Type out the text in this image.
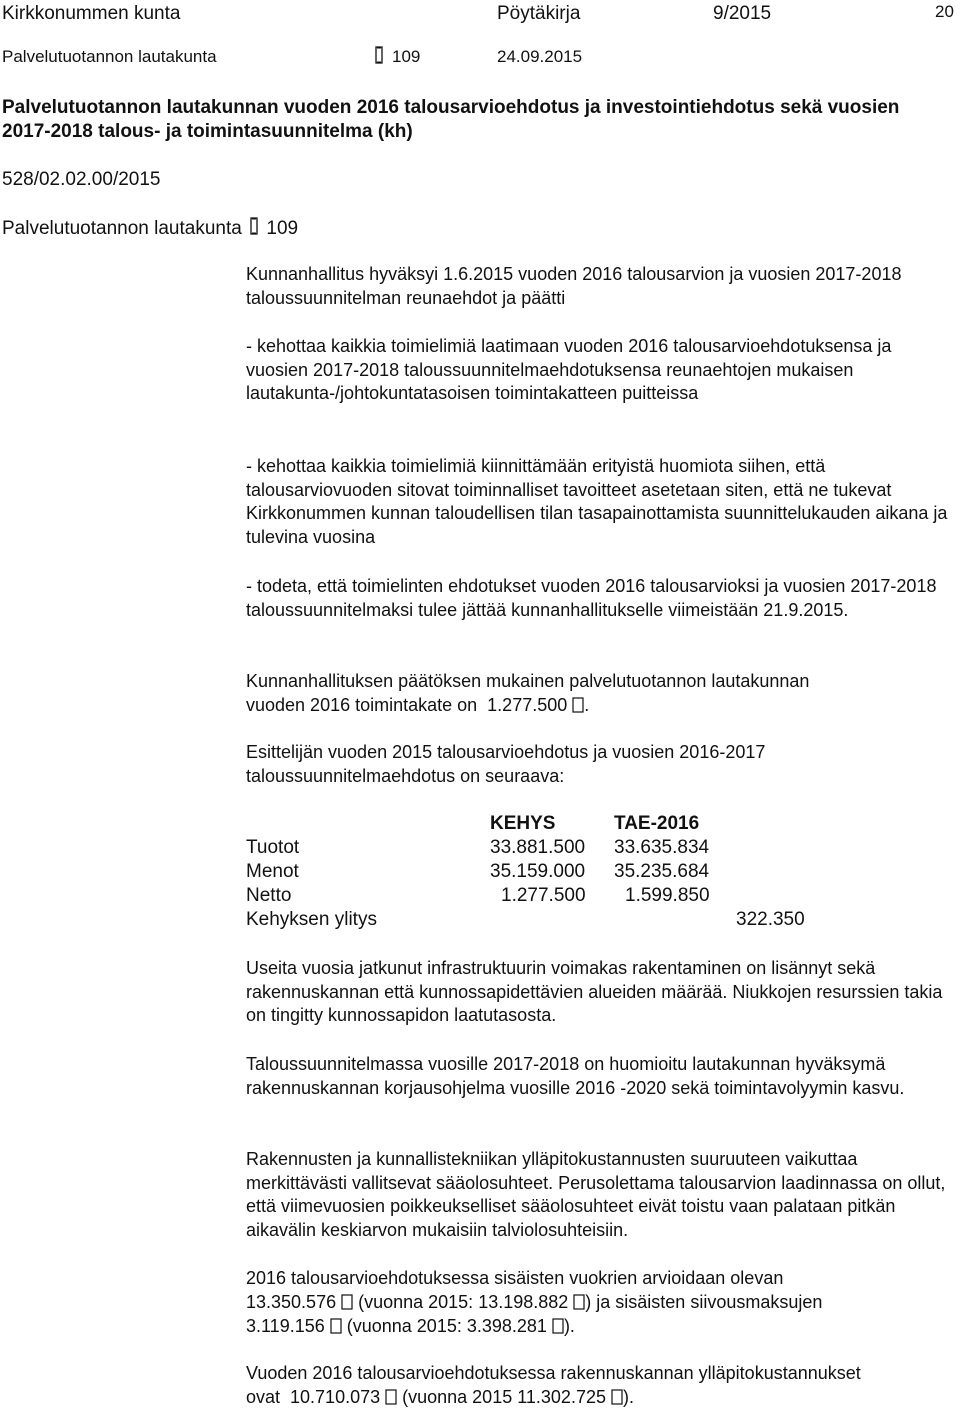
Kirkkonummen kunta	Pöytäkirja	9/2015	20
Palvelutuotannon lautakunta	109	24.09.2015
Palvelutuotannon lautakunnan vuoden 2016 talousarvioehdotus ja investointiehdotus sekä vuosien 2017-2018 talous- ja toimintasuunnitelma (kh)
528/02.02.00/2015
Palvelutuotannon lautakunta 109
Kunnanhallitus hyväksyi 1.6.2015 vuoden 2016 talousarvion ja vuosien 2017-2018 taloussuunnitelman reunaehdot ja päätti
- kehottaa kaikkia toimielimiä laatimaan vuoden 2016 talousarvioehdotuksensa ja vuosien 2017-2018 taloussuunnitelmaehdotuksensa reunaehtojen mukaisen lautakunta-/johtokuntatasoisen toimintakatteen puitteissa
- kehottaa kaikkia toimielimiä kiinnittämään erityistä huomiota siihen, että talousarviovuoden sitovat toiminnalliset tavoitteet asetetaan siten, että ne tukevat Kirkkonummen kunnan taloudellisen tilan tasapainottamista suunnittelukauden aikana ja tulevina vuosina
- todeta, että toimielinten ehdotukset vuoden 2016 talousarvioksi ja vuosien 2017-2018 taloussuunnitelmaksi tulee jättää kunnanhallitukselle viimeistään 21.9.2015.
Kunnanhallituksen päätöksen mukainen palvelutuotannon lautakunnan
vuoden 2016 toimintakate on  1.277.500 .
Esittelijän vuoden 2015 talousarvioehdotus ja vuosien 2016-2017 taloussuunnitelmaehdotus on seuraava:
KEHYS	TAE-2016
Tuotot	33.881.500 33.635.834
Menot	35.159.000 35.235.684
Netto	1.277.500 1.599.850
Kehyksen ylitys	322.350
Useita vuosia jatkunut infrastruktuurin voimakas rakentaminen on lisännyt sekä rakennuskannan että kunnossapidettävien alueiden määrää. Niukkojen resurssien takia on tingitty kunnossapidon laatutasosta.
Taloussuunnitelmassa vuosille 2017-2018 on huomioitu lautakunnan hyväksymä rakennuskannan korjausohjelma vuosille 2016 -2020 sekä toimintavolyymin kasvu.
Rakennusten ja kunnallistekniikan ylläpitokustannusten suuruuteen vaikuttaa merkittävästi vallitsevat sääolosuhteet. Perusolettama talousarvion laadinnassa on ollut, että viimevuosien poikkeukselliset sääolosuhteet eivät toistu vaan palataan pitkän aikavälin keskiarvon mukaisiin talviolosuhteisiin.
2016 talousarvioehdotuksessa sisäisten vuokrien arvioidaan olevan
13.350.576  (vuonna 2015: 13.198.882 ) ja sisäisten siivousmaksujen
3.119.156  (vuonna 2015: 3.398.281 ).
Vuoden 2016 talousarvioehdotuksessa rakennuskannan ylläpitokustannukset
ovat  10.710.073  (vuonna 2015 11.302.725 ).
